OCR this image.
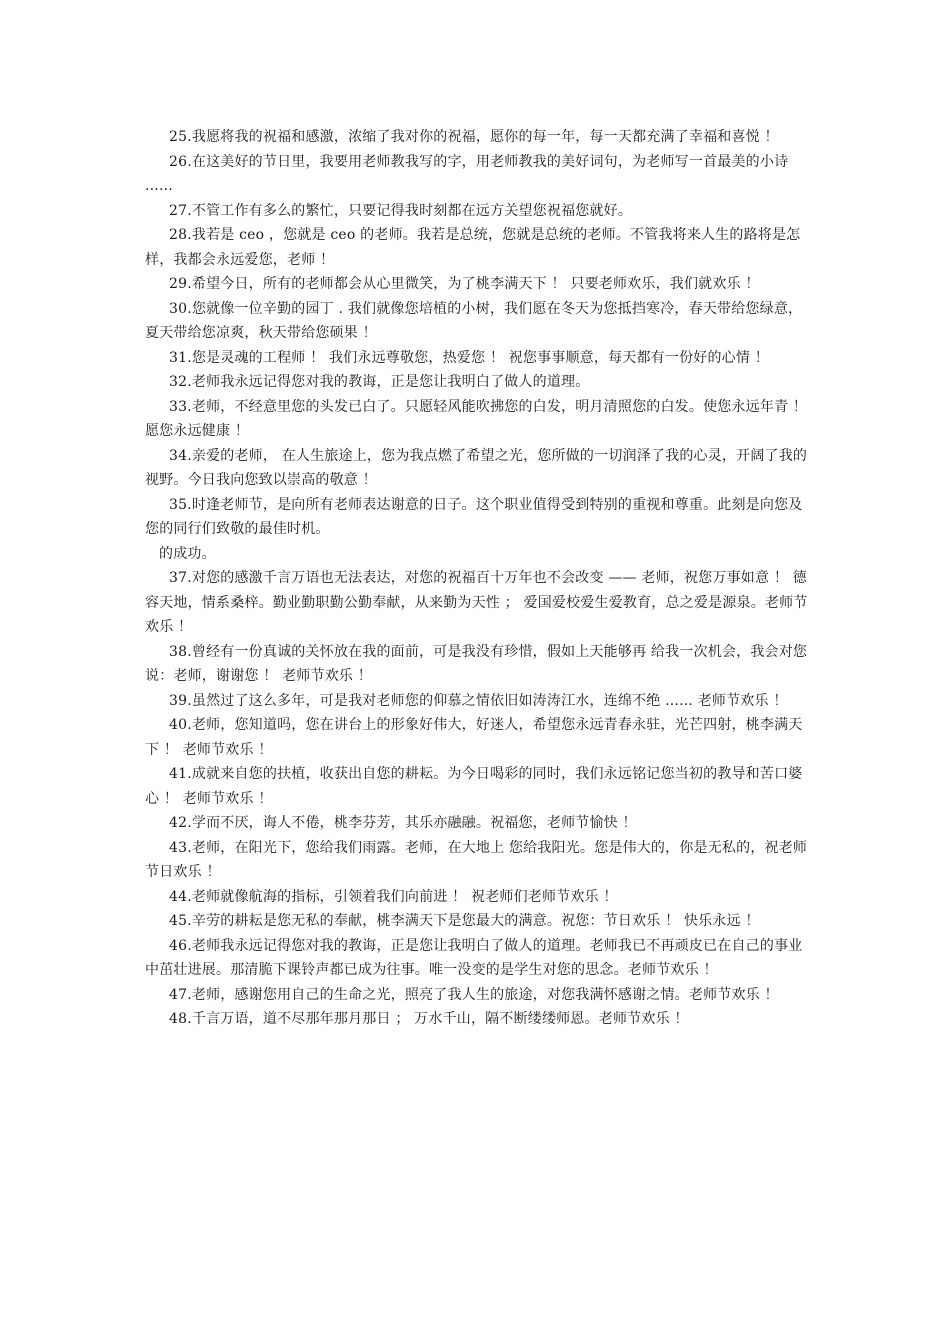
25.我愿将我的祝福和感激，浓缩了我对你的祝福，愿你的每一年，每一天都充满了幸福和喜悦 ！

26.在这美好的节日里，我要用老师教我写的字，用老师教我的美好词句，为老师写一首最美的小诗 ......

27.不管工作有多么的繁忙，只要记得我时刻都在远方关望您祝福您就好。

28.我若是 ceo ，您就是 ceo 的老师。我若是总统，您就是总统的老师。不管我将来人生的路将是怎样，我都会永远爱您，老师 ！

29.希望今日，所有的老师都会从心里微笑，为了桃李满天下 ！ 只要老师欢乐，我们就欢乐 ！

30.您就像一位辛勤的园丁 . 我们就像您培植的小树，我们愿在冬天为您抵挡寒冷，春天带给您绿意，夏天带给您凉爽，秋天带给您硕果 ！

31.您是灵魂的工程师 ！ 我们永远尊敬您，热爱您 ！ 祝您事事顺意，每天都有一份好的心情 ！

32.老师我永远记得您对我的教诲，正是您让我明白了做人的道理。

33.老师，不经意里您的头发已白了。只愿轻风能吹拂您的白发，明月清照您的白发。使您永远年青 ！ 愿您永远健康 ！

34.亲爱的老师， 在人生旅途上，您为我点燃了希望之光，您所做的一切润泽了我的心灵，开阔了我的视野。今日我向您致以崇高的敬意 ！

35.时逢老师节，是向所有老师表达谢意的日子。这个职业值得受到特别的重视和尊重。此刻是向您及您的同行们致敬的最佳时机。

的成功。

37.对您的感激千言万语也无法表达，对您的祝福百十万年也不会改变 —— 老师，祝您万事如意 ！ 德容天地，情系桑梓。勤业勤职勤公勤奉献，从来勤为天性 ； 爱国爱校爱生爱教育，总之爱是源泉。老师节欢乐 ！

38.曾经有一份真诚的关怀放在我的面前，可是我没有珍惜，假如上天能够再 给我一次机会，我会对您说：老师，谢谢您 ！ 老师节欢乐 ！

39.虽然过了这么多年，可是我对老师您的仰慕之情依旧如涛涛江水，连绵不绝 ...... 老师节欢乐 ！

40.老师，您知道吗，您在讲台上的形象好伟大，好迷人，希望您永远青春永驻，光芒四射，桃李满天下 ！ 老师节欢乐 ！

41.成就来自您的扶植，收获出自您的耕耘。为今日喝彩的同时，我们永远铭记您当初的教导和苦口婆心 ！ 老师节欢乐 ！

42.学而不厌，诲人不倦，桃李芬芳，其乐亦融融。祝福您，老师节愉快 ！

43.老师，在阳光下，您给我们雨露。老师，在大地上 您给我阳光。您是伟大的，你是无私的，祝老师节日欢乐 ！

44.老师就像航海的指标，引领着我们向前进 ！ 祝老师们老师节欢乐 ！

45.辛劳的耕耘是您无私的奉献，桃李满天下是您最大的满意。祝您：节日欢乐 ！ 快乐永远 ！

46.老师我永远记得您对我的教诲，正是您让我明白了做人的道理。老师我已不再顽皮已在自己的事业中茁壮进展。那清脆下课铃声都已成为往事。唯一没变的是学生对您的思念。老师节欢乐 ！

47.老师，感谢您用自己的生命之光，照亮了我人生的旅途，对您我满怀感谢之情。老师节欢乐 ！

48.千言万语，道不尽那年那月那日 ； 万水千山，隔不断缕缕师恩。老师节欢乐 ！
